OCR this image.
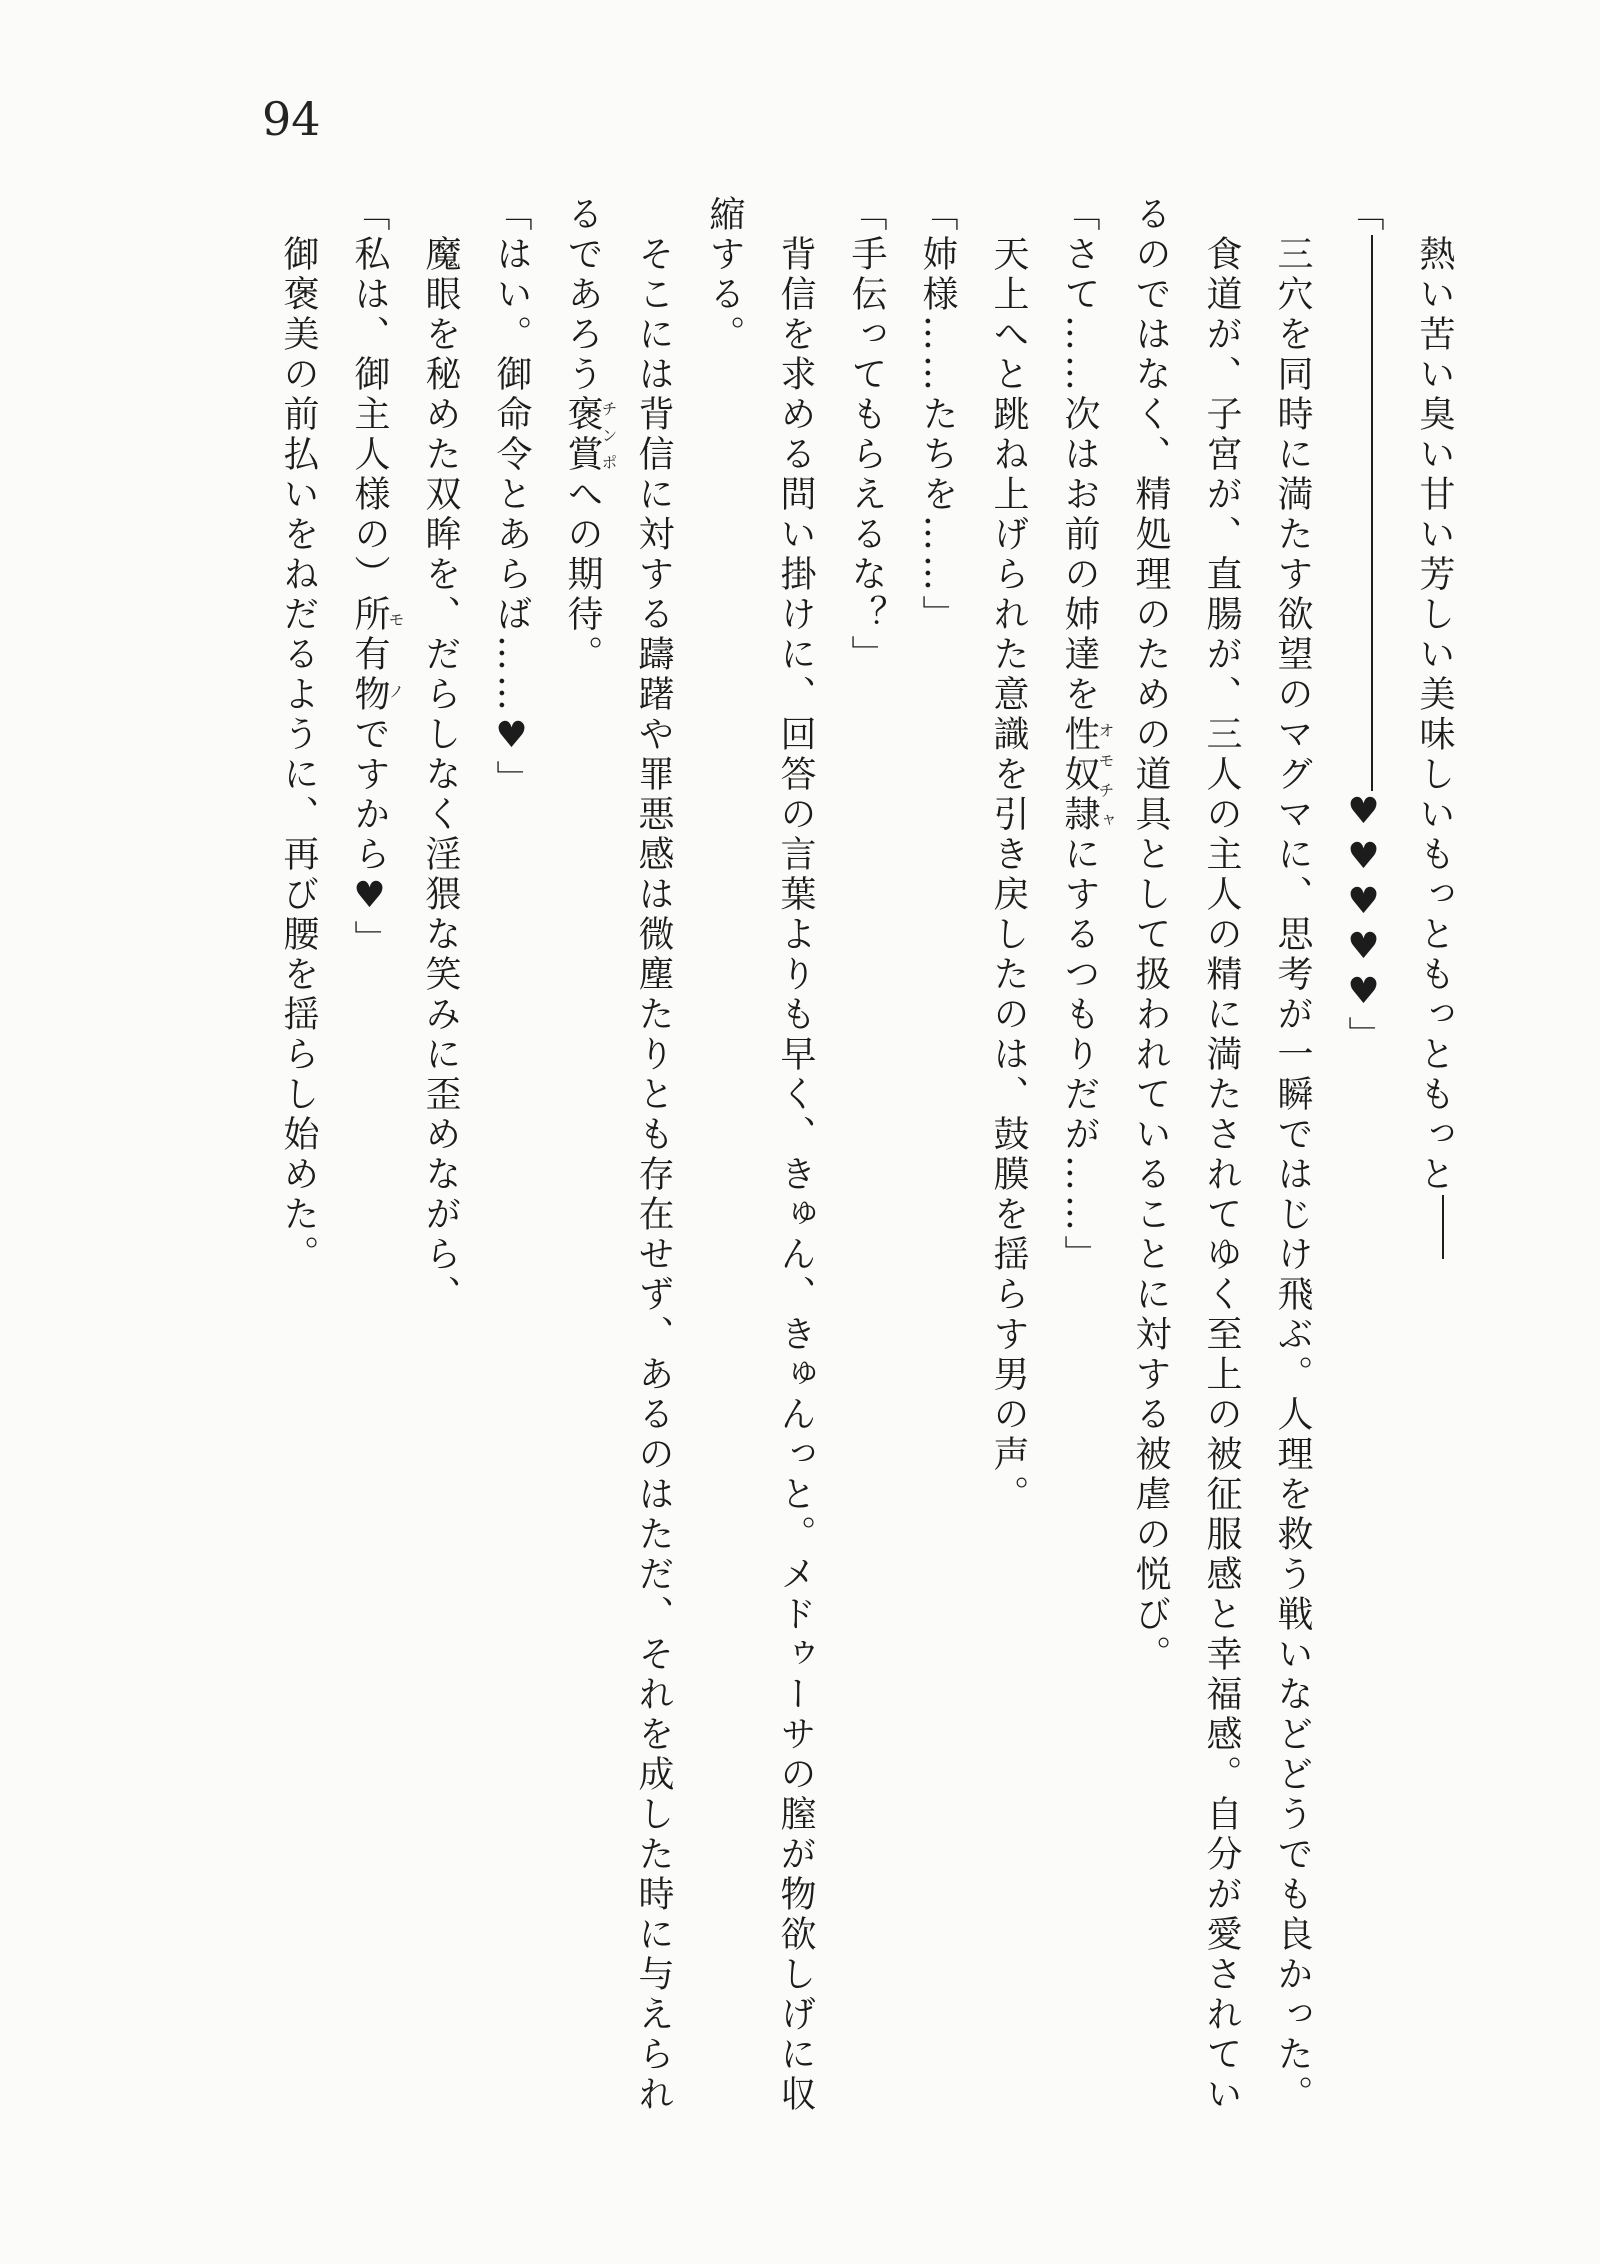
94

熱い苦い臭い甘い芳しい美味しいもっともっともっと

「♥♥♥♥♥」

三穴を同時に満たす欲望のマグマに、思考が一瞬ではじけ飛ぶ。人理を救う戦いなどどうでも良かった。

食道が、子宮が、直腸が、三人の主人の精に満たされてゆく至上の被征服感と幸福感。自分が愛されているのではなく、精処理のための道具として扱われていることに対する被虐の悦び。

「さて……次はお前の姉達を性奴隷オモチャにするつもりだが……」

天上へと跳ね上げられた意識を引き戻したのは、鼓膜を揺らす男の声。

「姉様……たちを……」

「手伝ってもらえるな？」

背信を求める問い掛けに、回答の言葉よりも早く、きゅん、きゅんっと。メドゥーサの膣が物欲しげに収縮する。

そこには背信に対する躊躇や罪悪感は微塵たりとも存在せず、あるのはただ、それを成した時に与えられるであろう褒賞チンポへの期待。

「はい。御命令とあらば……♥」

魔眼を秘めた双眸を、だらしなく淫猥な笑みに歪めながら、

「私は、御主人様の︶所有物モノですから♥」

御褒美の前払いをねだるように、再び腰を揺らし始めた。
